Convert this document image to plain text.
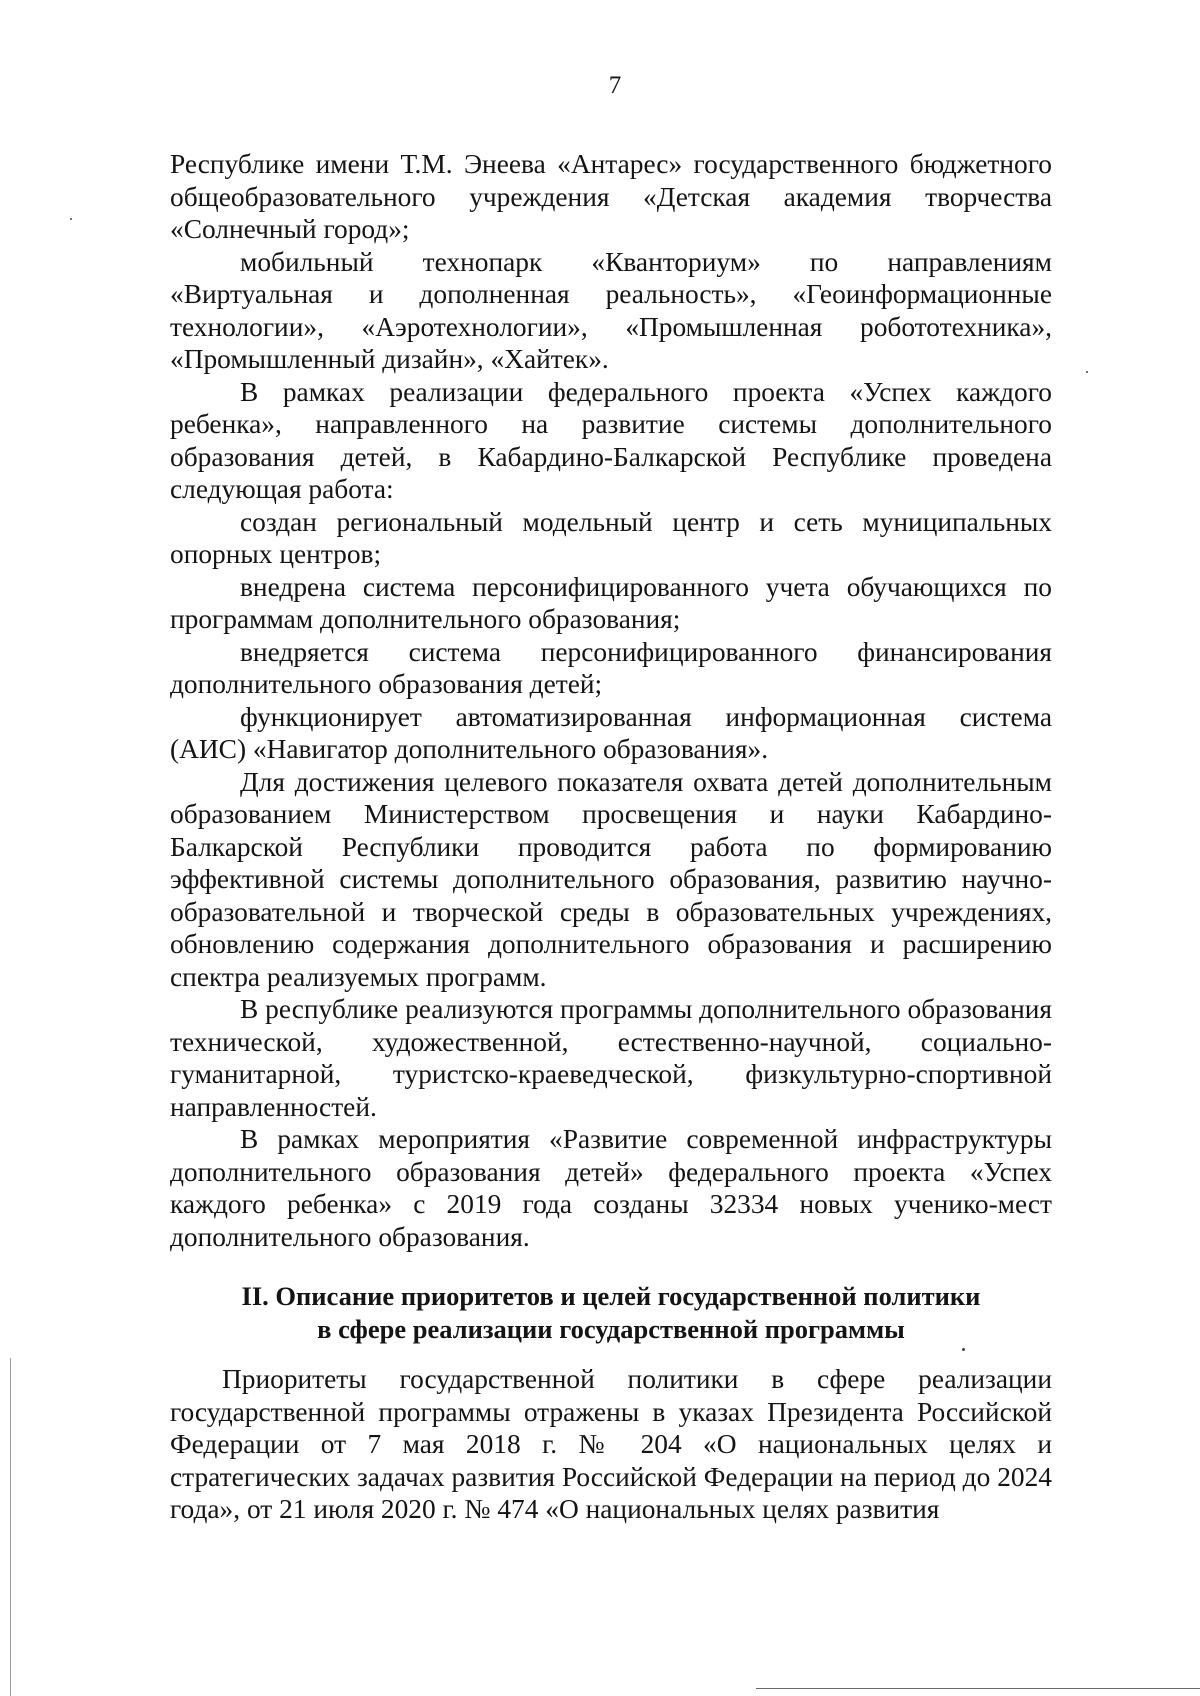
7

Республике имени Т.М. Энеева «Антарес» государственного бюджетного общеобразовательного учреждения «Детская академия творчества «Солнечный город»;

мобильный технопарк «Кванториум» по направлениям «Виртуальная и дополненная реальность», «Геоинформационные технологии», «Аэротехнологии», «Промышленная робототехника», «Промышленный дизайн», «Хайтек».

В рамках реализации федерального проекта «Успех каждого ребенка», направленного на развитие системы дополнительного образования детей, в Кабардино-Балкарской Республике проведена следующая работа:

создан региональный модельный центр и сеть муниципальных опорных центров;

внедрена система персонифицированного учета обучающихся по программам дополнительного образования;

внедряется система персонифицированного финансирования дополнительного образования детей;

функционирует автоматизированная информационная система (АИС) «Навигатор дополнительного образования».

Для достижения целевого показателя охвата детей дополнительным образованием Министерством просвещения и науки Кабардино-Балкарской Республики проводится работа по формированию эффективной системы дополнительного образования, развитию научно-образовательной и творческой среды в образовательных учреждениях, обновлению содержания дополнительного образования и расширению спектра реализуемых программ.

В республике реализуются программы дополнительного образования технической, художественной, естественно-научной, социально-гуманитарной, туристско-краеведческой, физкультурно-спортивной направленностей.

В рамках мероприятия «Развитие современной инфраструктуры дополнительного образования детей» федерального проекта «Успех каждого ребенка» с 2019 года созданы 32334 новых ученико-мест дополнительного образования.

II. Описание приоритетов и целей государственной политики
в сфере реализации государственной программы

Приоритеты государственной политики в сфере реализации государственной программы отражены в указах Президента Российской Федерации от 7 мая 2018 г. № 204 «О национальных целях и стратегических задачах развития Российской Федерации на период до 2024 года», от 21 июля 2020 г. № 474 «О национальных целях развития
